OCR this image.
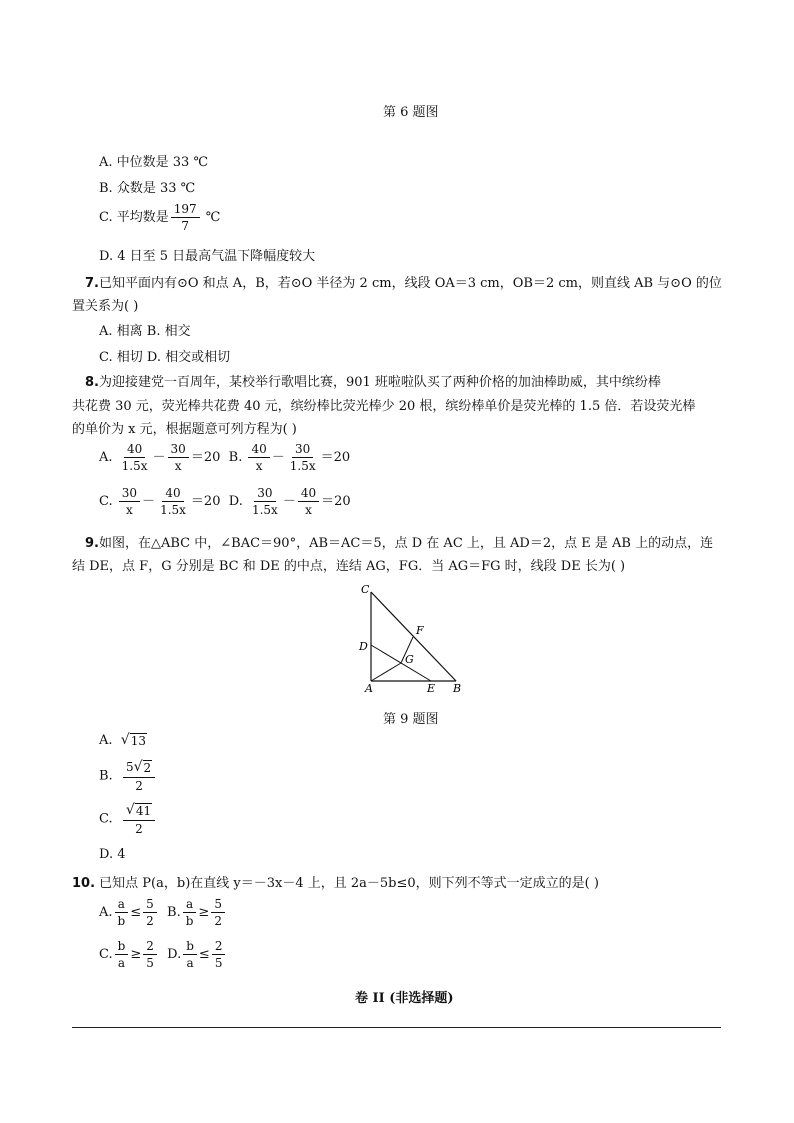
第 6 题图
A. 中位数是 33 ℃
B. 众数是 33 ℃
C. 平均数是 $\frac{197}{7}$ ℃
D. 4 日至 5 日最高气温下降幅度较大
7.已知平面内有⊙O 和点 A，B，若⊙O 半径为 2 cm，线段 OA＝3 cm，OB＝2 cm，则直线 AB 与⊙O 的位
置关系为( )
A. 相离 B. 相交
C. 相切 D. 相交或相切
8.为迎接建党一百周年，某校举行歌唱比赛，901 班啦啦队买了两种价格的加油棒助威，其中缤纷棒
共花费 30 元，荧光棒共花费 40 元，缤纷棒比荧光棒少 20 根，缤纷棒单价是荧光棒的 1.5 倍．若设荧光棒
的单价为 x 元，根据题意可列方程为( )
A. $\frac{40}{1.5x} - \frac{30}{x} =20$ B. $\frac{40}{x} - \frac{30}{1.5x} =20$
C. $\frac{30}{x} - \frac{40}{1.5x} =20$ D. $\frac{30}{1.5x} - \frac{40}{x} =20$
9.如图，在△ABC 中，∠BAC＝90°，AB＝AC＝5，点 D 在 AC 上，且 AD＝2，点 E 是 AB 上的动点，连
结 DE，点 F，G 分别是 BC 和 DE 的中点，连结 AG，FG．当 AG＝FG 时，线段 DE 长为( )
C
D
F
G
A	E B
第 9 题图
A. √ 13
B. $\frac{5 √ 2}{2}$
C. $\frac{√ 41}{2}$
D. 4
10. 已知点 P(a，b)在直线 y＝－3x－4 上，且 2a－5b≤0，则下列不等式一定成立的是( )
A. $\frac{a}{b} \le \frac{5}{2} B$. $\frac{a}{b} \ge \frac{5}{2}$
C. $\frac{b}{a} \ge \frac{2}{5} D$. $\frac{b}{a} \le \frac{2}{5}$
卷 II (非选择题)
